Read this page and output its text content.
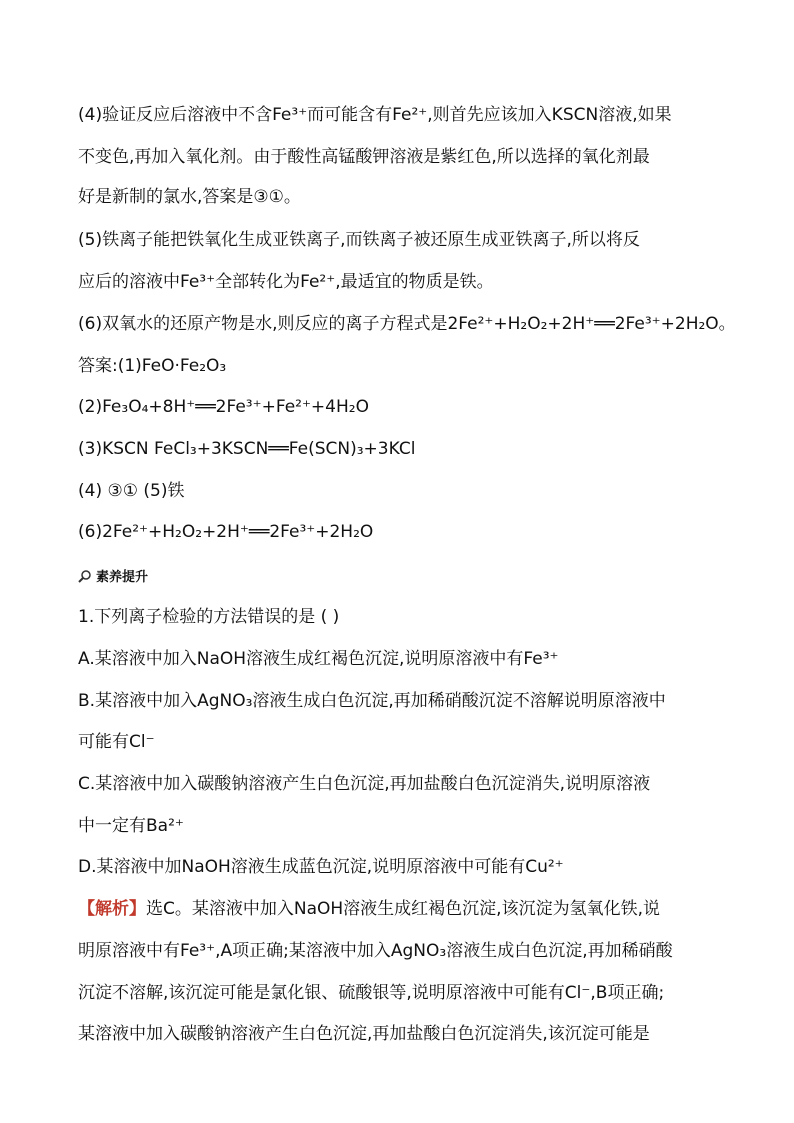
(4)验证反应后溶液中不含Fe³⁺而可能含有Fe²⁺,则首先应该加入KSCN溶液,如果
不变色,再加入氧化剂。由于酸性高锰酸钾溶液是紫红色,所以选择的氧化剂最
好是新制的氯水,答案是③①。
(5)铁离子能把铁氧化生成亚铁离子,而铁离子被还原生成亚铁离子,所以将反
应后的溶液中Fe³⁺全部转化为Fe²⁺,最适宜的物质是铁。
(6)双氧水的还原产物是水,则反应的离子方程式是2Fe²⁺+H₂O₂+2H⁺══2Fe³⁺+2H₂O。
答案:(1)FeO·Fe₂O₃
(2)Fe₃O₄+8H⁺══2Fe³⁺+Fe²⁺+4H₂O
(3)KSCN FeCl₃+3KSCN══Fe(SCN)₃+3KCl
(4) ③① (5)铁
(6)2Fe²⁺+H₂O₂+2H⁺══2Fe³⁺+2H₂O
素养提升
1.下列离子检验的方法错误的是 ( )
A.某溶液中加入NaOH溶液生成红褐色沉淀,说明原溶液中有Fe³⁺
B.某溶液中加入AgNO₃溶液生成白色沉淀,再加稀硝酸沉淀不溶解说明原溶液中
可能有Cl⁻
C.某溶液中加入碳酸钠溶液产生白色沉淀,再加盐酸白色沉淀消失,说明原溶液
中一定有Ba²⁺
D.某溶液中加NaOH溶液生成蓝色沉淀,说明原溶液中可能有Cu²⁺
【解析】选C。某溶液中加入NaOH溶液生成红褐色沉淀,该沉淀为氢氧化铁,说
明原溶液中有Fe³⁺,A项正确;某溶液中加入AgNO₃溶液生成白色沉淀,再加稀硝酸
沉淀不溶解,该沉淀可能是氯化银、硫酸银等,说明原溶液中可能有Cl⁻,B项正确;
某溶液中加入碳酸钠溶液产生白色沉淀,再加盐酸白色沉淀消失,该沉淀可能是
